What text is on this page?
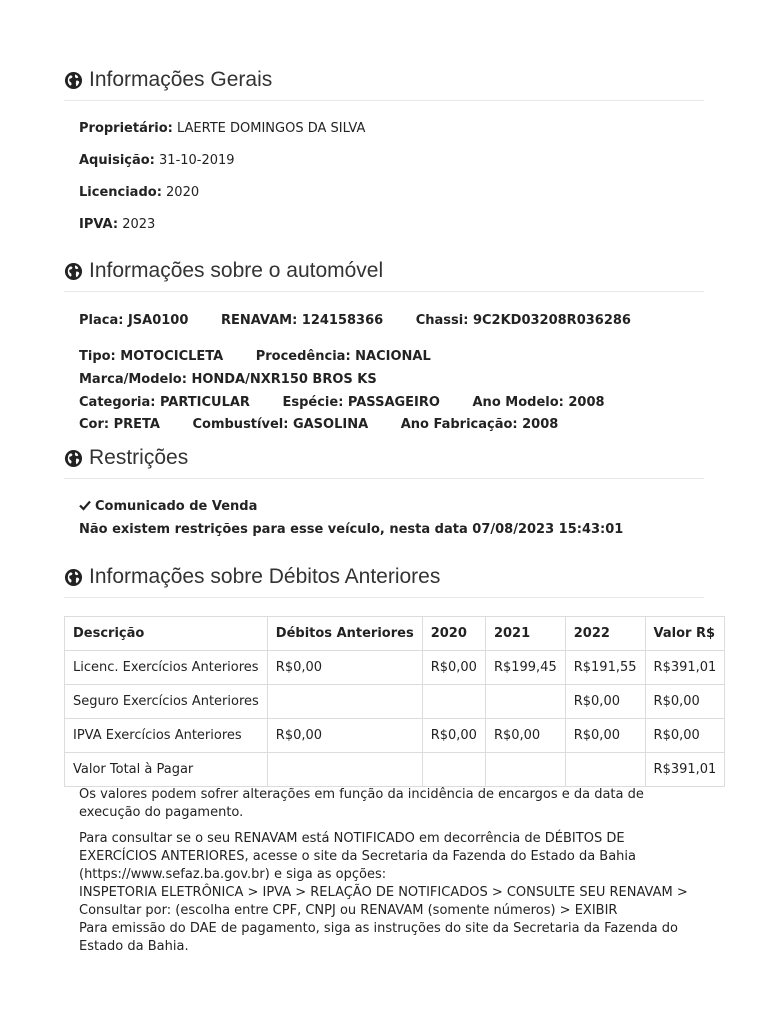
Informações Gerais
Proprietário: LAERTE DOMINGOS DA SILVA
Aquisição: 31-10-2019
Licenciado: 2020
IPVA: 2023
Informações sobre o automóvel
Placa: JSA0100	RENAVAM: 124158366	Chassi: 9C2KD03208R036286
Tipo: MOTOCICLETA	Procedência: NACIONAL
Marca/Modelo: HONDA/NXR150 BROS KS
Categoria: PARTICULAR	Espécie: PASSAGEIRO	Ano Modelo: 2008
Cor: PRETA	Combustível: GASOLINA	Ano Fabricação: 2008
Restrições
Comunicado de Venda
Não existem restrições para esse veículo, nesta data 07/08/2023 15:43:01
Informações sobre Débitos Anteriores
Descrição	Débitos Anteriores	2020	2021	2022	Valor R$
Licenc. Exercícios Anteriores	R$0,00	R$0,00	R$199,45	R$191,55	R$391,01
Seguro Exercícios Anteriores				R$0,00	R$0,00
IPVA Exercícios Anteriores	R$0,00	R$0,00	R$0,00	R$0,00	R$0,00
Valor Total à Pagar					R$391,01

Os valores podem sofrer alterações em função da incidência de encargos e da data de execução do pagamento.

Para consultar se o seu RENAVAM está NOTIFICADO em decorrência de DÉBITOS DE EXERCÍCIOS ANTERIORES, acesse o site da Secretaria da Fazenda do Estado da Bahia (https://www.sefaz.ba.gov.br) e siga as opções:
INSPETORIA ELETRÔNICA > IPVA > RELAÇÃO DE NOTIFICADOS > CONSULTE SEU RENAVAM > Consultar por: (escolha entre CPF, CNPJ ou RENAVAM (somente números) > EXIBIR
Para emissão do DAE de pagamento, siga as instruções do site da Secretaria da Fazenda do Estado da Bahia.
